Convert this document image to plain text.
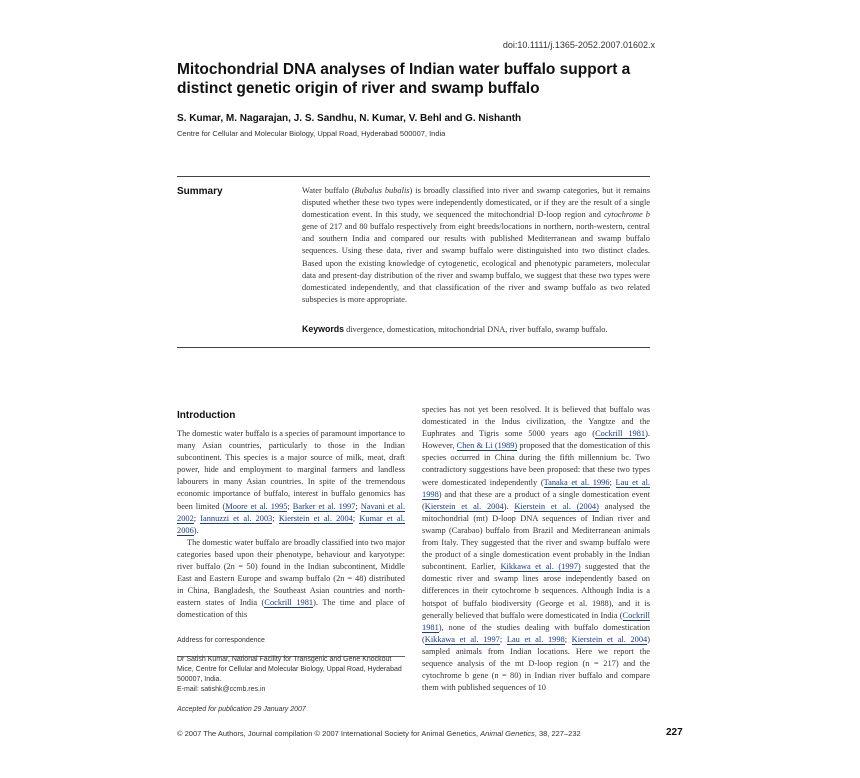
doi:10.1111/j.1365-2052.2007.01602.x
Mitochondrial DNA analyses of Indian water buffalo support a distinct genetic origin of river and swamp buffalo
S. Kumar, M. Nagarajan, J. S. Sandhu, N. Kumar, V. Behl and G. Nishanth
Centre for Cellular and Molecular Biology, Uppal Road, Hyderabad 500007, India
Summary	Water buffalo (Bubalus bubalis) is broadly classified into river and swamp categories, but it remains disputed whether these two types were independently domesticated, or if they are the result of a single domestication event. In this study, we sequenced the mitochondrial D-loop region and cytochrome b gene of 217 and 80 buffalo respectively from eight breeds/locations in northern, north-western, central and southern India and compared our results with published Mediterranean and swamp buffalo sequences. Using these data, river and swamp buffalo were distinguished into two distinct clades. Based upon the existing knowledge of cytogenetic, ecological and phenotypic parameters, molecular data and present-day distribution of the river and swamp buffalo, we suggest that these two types were domesticated independently, and that classification of the river and swamp buffalo as two related subspecies is more appropriate.
Keywords divergence, domestication, mitochondrial DNA, river buffalo, swamp buffalo.
Introduction

The domestic water buffalo is a species of paramount importance to many Asian countries, particularly to those in the Indian subcontinent. This species is a major source of milk, meat, draft power, hide and employment to marginal farmers and landless labourers in many Asian countries. In spite of the tremendous economic importance of buffalo, interest in buffalo genomics has been limited (Moore et al. 1995; Barker et al. 1997; Navani et al. 2002; Iannuzzi et al. 2003; Kierstein et al. 2004; Kumar et al. 2006).

The domestic water buffalo are broadly classified into two major categories based upon their phenotype, behaviour and karyotype: river buffalo (2n = 50) found in the Indian subcontinent, Middle East and Eastern Europe and swamp buffalo (2n = 48) distributed in China, Bangladesh, the Southeast Asian countries and north-eastern states of India (Cockrill 1981). The time and place of domestication of this

species has not yet been resolved. It is believed that buffalo was domesticated in the Indus civilization, the Yangtze and the Euphrates and Tigris some 5000 years ago (Cockrill 1981). However, Chen & Li (1989) proposed that the domestication of this species occurred in China during the fifth millennium bc. Two contradictory suggestions have been proposed: that these two types were domesticated independently (Tanaka et al. 1996; Lau et al. 1998) and that these are a product of a single domestication event (Kierstein et al. 2004). Kierstein et al. (2004) analysed the mitochondrial (mt) D-loop DNA sequences of Indian river and swamp (Carabao) buffalo from Brazil and Mediterranean animals from Italy. They suggested that the river and swamp buffalo were the product of a single domestication event probably in the Indian subcontinent. Earlier, Kikkawa et al. (1997) suggested that the domestic river and swamp lines arose independently based on differences in their cytochrome b sequences. Although India is a hotspot of buffalo biodiversity (George et al. 1988), and it is generally believed that buffalo were domesticated in India (Cockrill 1981), none of the studies dealing with buffalo domestication (Kikkawa et al. 1997; Lau et al. 1998; Kierstein et al. 2004) sampled animals from Indian locations. Here we report the sequence analysis of the mt D-loop region (n = 217) and the cytochrome b gene (n = 80) in Indian river buffalo and compare them with published sequences of 10

Address for correspondence
Dr Satish Kumar, National Facility for Transgenic and Gene Knockout Mice, Centre for Cellular and Molecular Biology, Uppal Road, Hyderabad 500007, India.
E-mail: satishk@ccmb.res.in
Accepted for publication 29 January 2007
© 2007 The Authors, Journal compilation © 2007 International Society for Animal Genetics, Animal Genetics, 38, 227–232	227
